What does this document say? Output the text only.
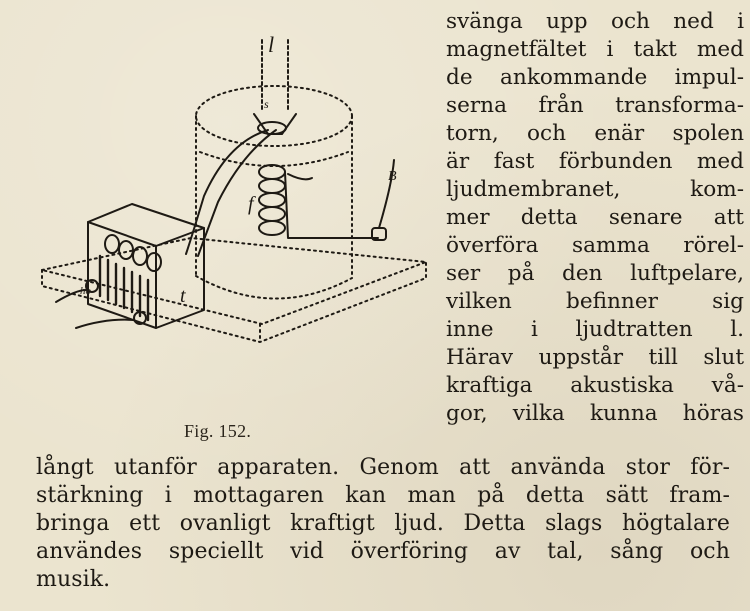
l
s
f
B
t
ho
Fig. 152.
svänga upp och ned i
magnetfältet i takt med
de ankommande impul-
serna från transforma-
torn, och enär spolen
är fast förbunden med
ljudmembranet, kom-
mer detta senare att
överföra samma rörel-
ser på den luftpelare,
vilken befinner sig
inne i ljudtratten l.
Härav uppstår till slut
kraftiga akustiska vå-
gor, vilka kunna höras
långt utanför apparaten. Genom att använda stor för-
stärkning i mottagaren kan man på detta sätt fram-
bringa ett ovanligt kraftigt ljud. Detta slags högtalare
användes speciellt vid överföring av tal, sång och
musik.
